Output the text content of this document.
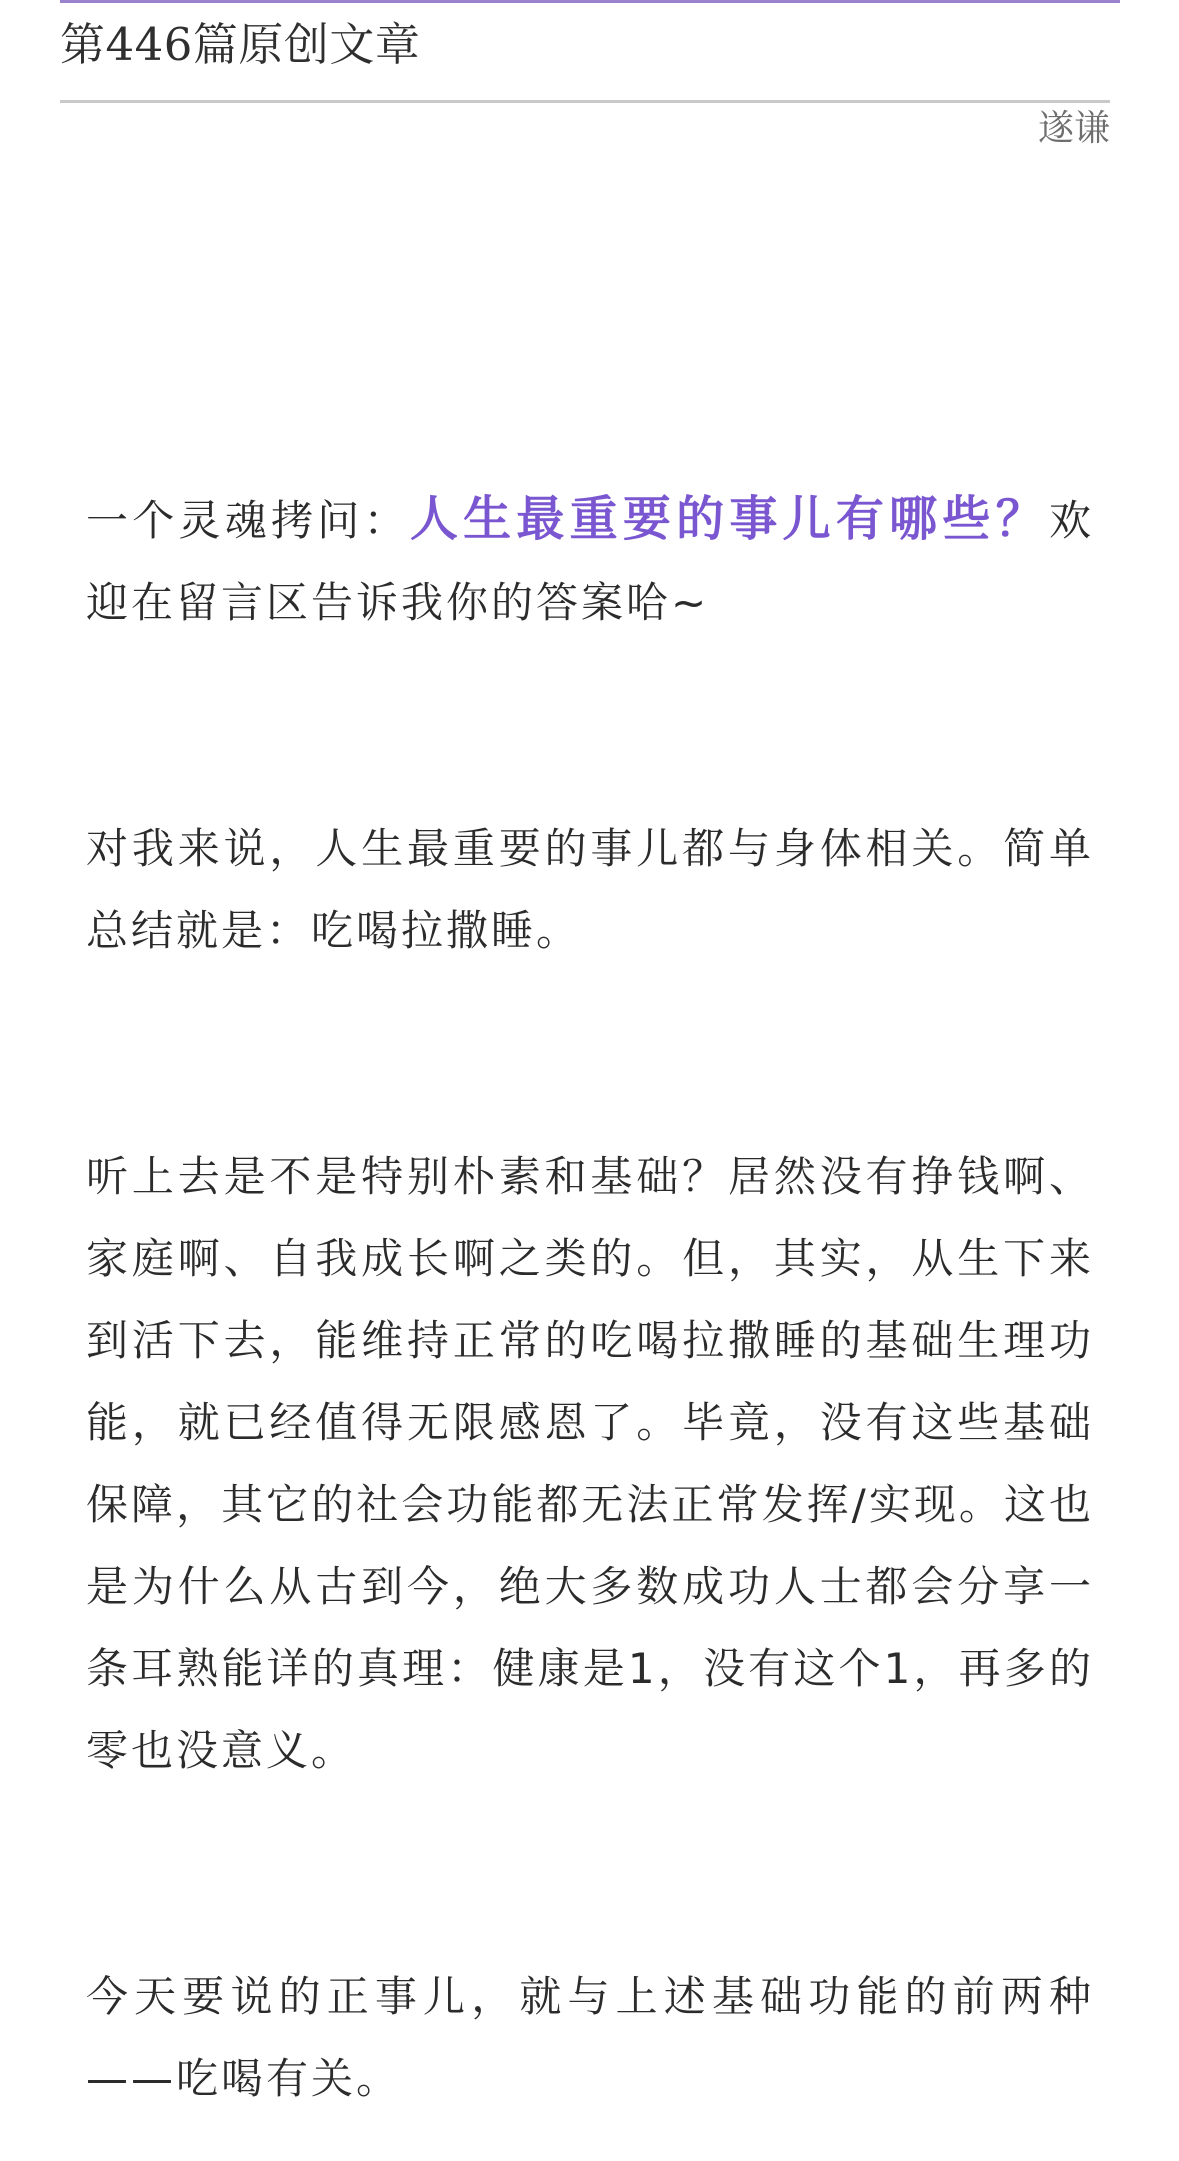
第446篇原创文章
遂谦

一个灵魂拷问：人生最重要的事儿有哪些？欢迎在留言区告诉我你的答案哈~

对我来说，人生最重要的事儿都与身体相关。简单总结就是：吃喝拉撒睡。

听上去是不是特别朴素和基础？居然没有挣钱啊、家庭啊、自我成长啊之类的。但，其实，从生下来到活下去，能维持正常的吃喝拉撒睡的基础生理功能，就已经值得无限感恩了。毕竟，没有这些基础保障，其它的社会功能都无法正常发挥/实现。这也是为什么从古到今，绝大多数成功人士都会分享一条耳熟能详的真理：健康是1，没有这个1，再多的零也没意义。

今天要说的正事儿，就与上述基础功能的前两种——吃喝有关。
